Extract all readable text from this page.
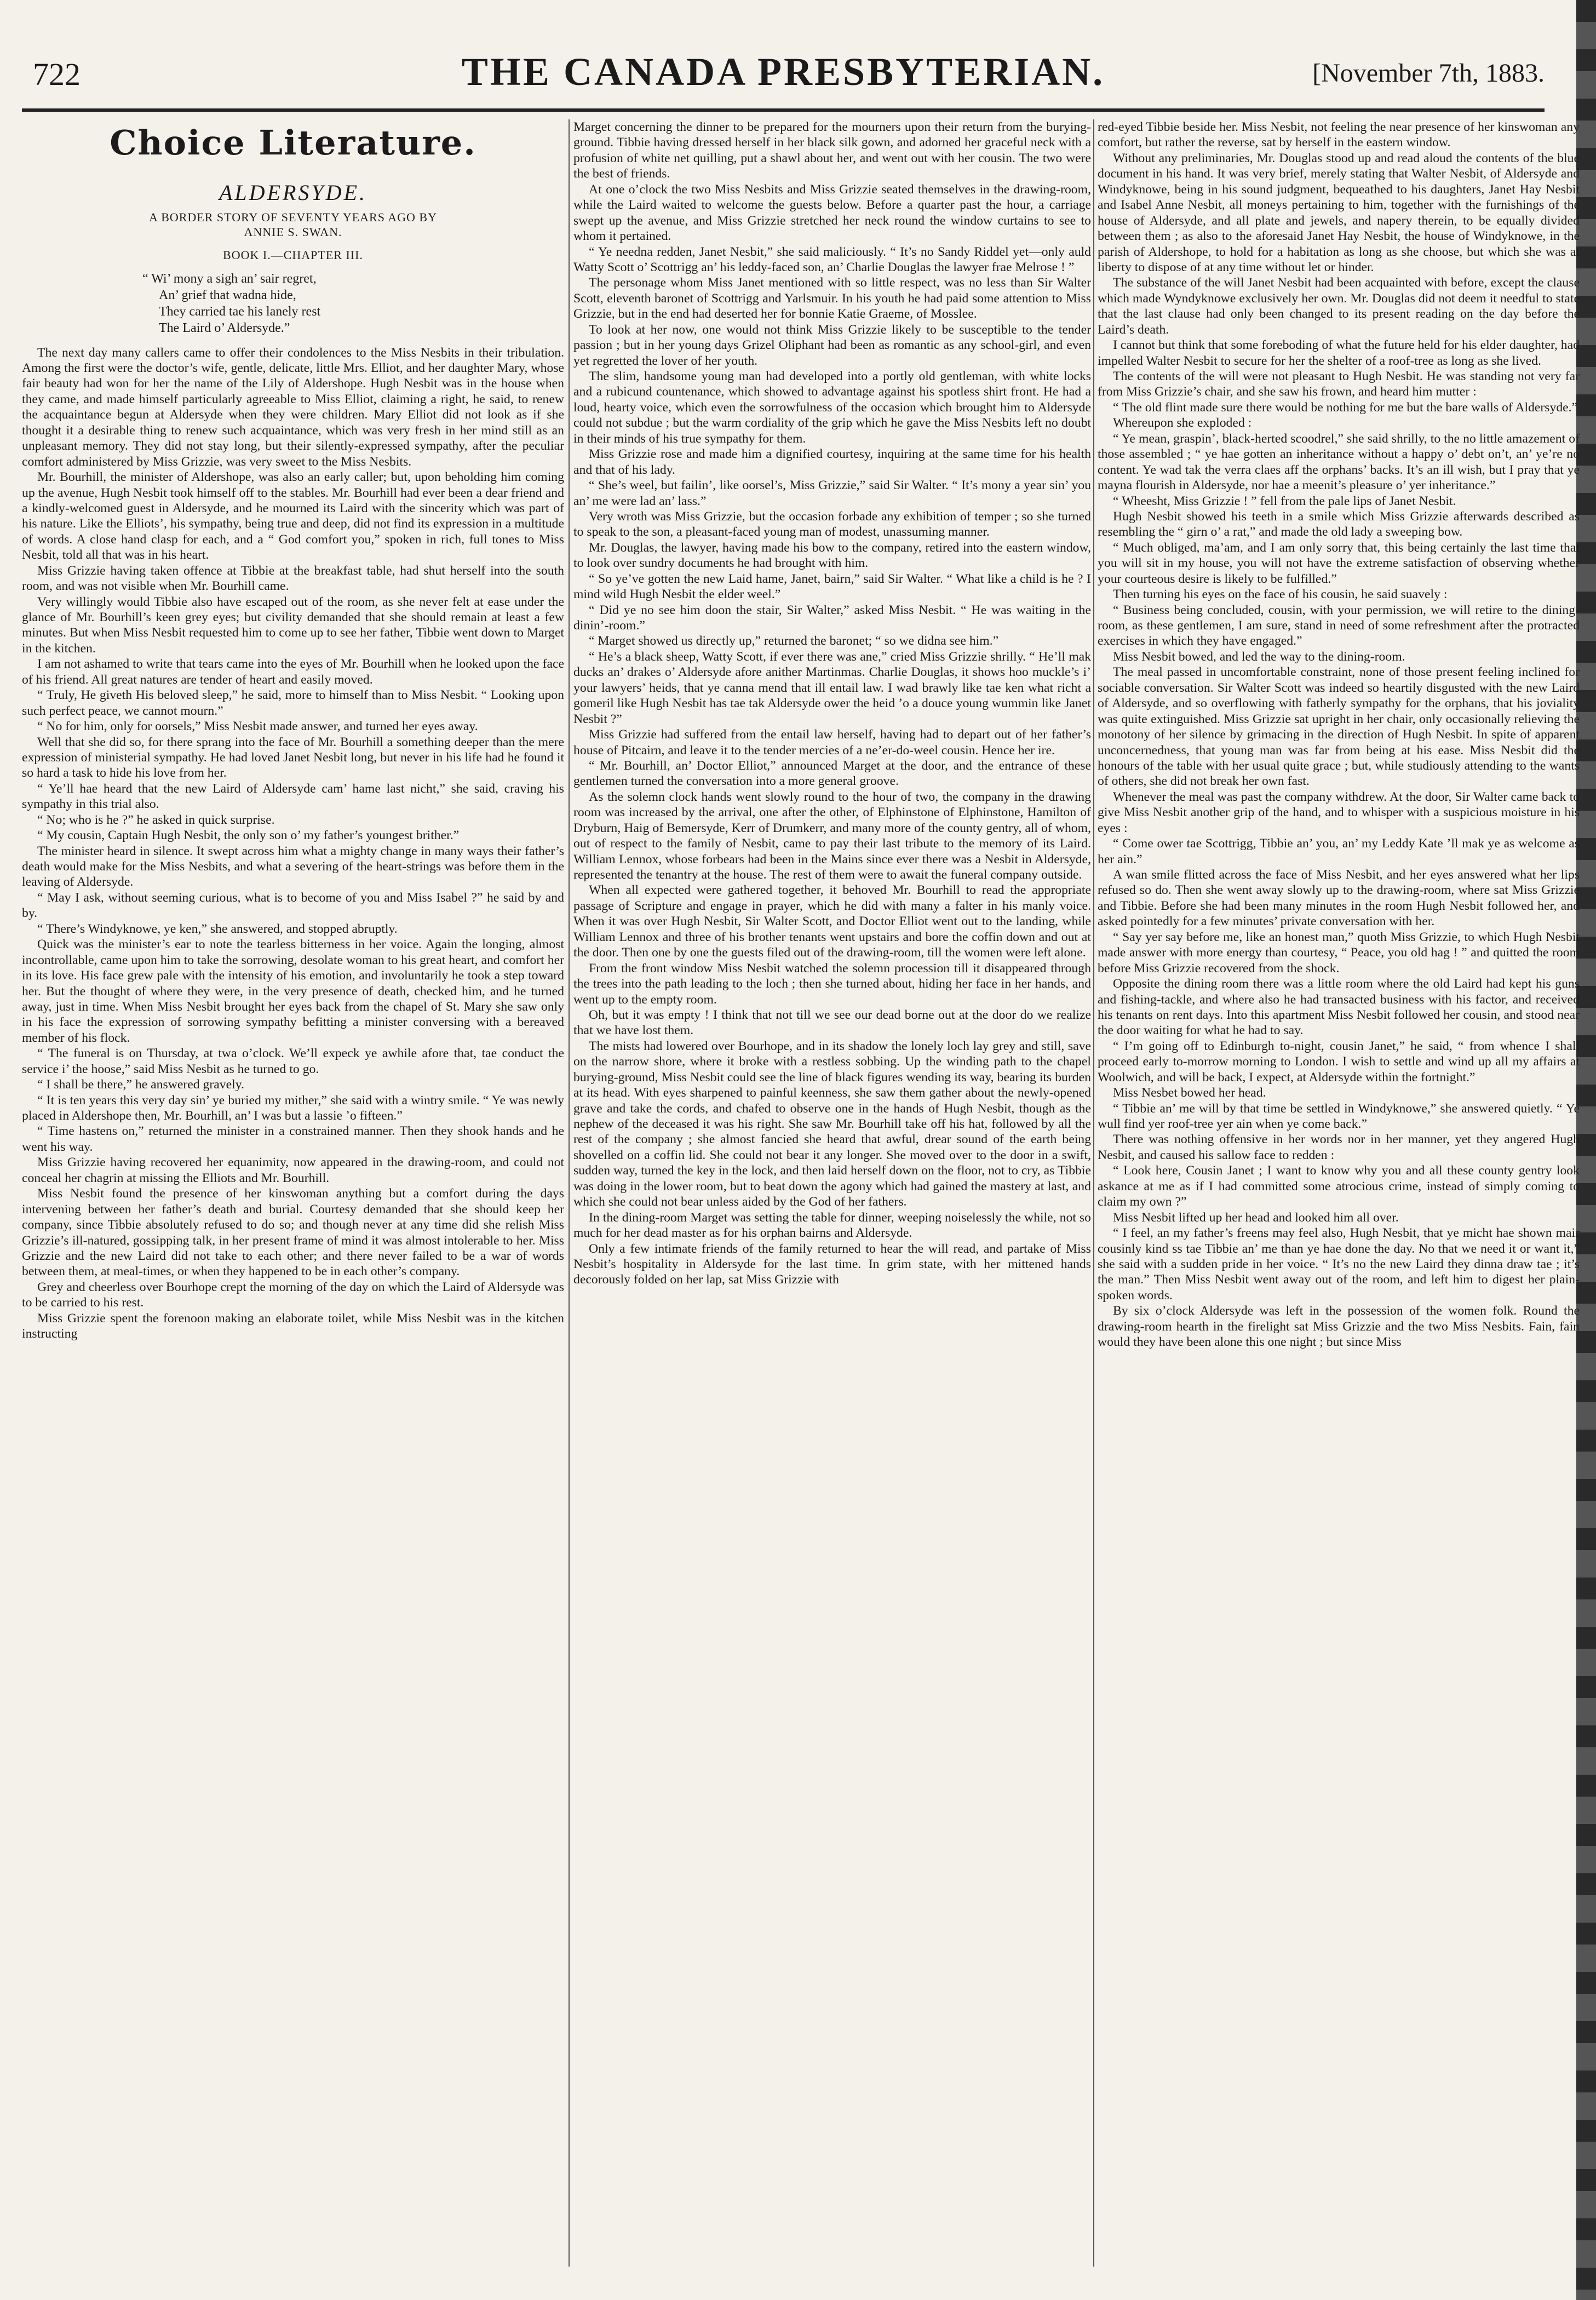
722	THE CANADA PRESBYTERIAN.	[November 7th, 1883.
Choice Literature.
ALDERSYDE.
A BORDER STORY OF SEVENTY YEARS AGO BY
ANNIE S. SWAN.
BOOK I.—CHAPTER III.
“ Wi’ mony a sigh an’ sair regret,
An’ grief that wadna hide,
They carried tae his lanely rest
The Laird o’ Aldersyde.”

The next day many callers came to offer their condolences to the Miss Nesbits in their tribulation. Among the first were the doctor’s wife, gentle, delicate, little Mrs. Elliot, and her daughter Mary, whose fair beauty had won for her the name of the Lily of Aldershope. Hugh Nesbit was in the house when they came, and made himself particularly agreeable to Miss Elliot, claiming a right, he said, to renew the acquaintance begun at Aldersyde when they were children. Mary Elliot did not look as if she thought it a desirable thing to renew such acquaintance, which was very fresh in her mind still as an unpleasant memory. They did not stay long, but their silently-expressed sympathy, after the peculiar comfort administered by Miss Grizzie, was very sweet to the Miss Nesbits.

Mr. Bourhill, the minister of Aldershope, was also an early caller; but, upon beholding him coming up the avenue, Hugh Nesbit took himself off to the stables. Mr. Bourhill had ever been a dear friend and a kindly-welcomed guest in Aldersyde, and he mourned its Laird with the sincerity which was part of his nature. Like the Elliots’, his sympathy, being true and deep, did not find its expression in a multitude of words. A close hand clasp for each, and a “ God comfort you,” spoken in rich, full tones to Miss Nesbit, told all that was in his heart.

Miss Grizzie having taken offence at Tibbie at the breakfast table, had shut herself into the south room, and was not visible when Mr. Bourhill came.

Very willingly would Tibbie also have escaped out of the room, as she never felt at ease under the glance of Mr. Bourhill’s keen grey eyes; but civility demanded that she should remain at least a few minutes. But when Miss Nesbit requested him to come up to see her father, Tibbie went down to Marget in the kitchen.

I am not ashamed to write that tears came into the eyes of Mr. Bourhill when he looked upon the face of his friend. All great natures are tender of heart and easily moved.

“ Truly, He giveth His beloved sleep,” he said, more to himself than to Miss Nesbit. “ Looking upon such perfect peace, we cannot mourn.”

“ No for him, only for oorsels,” Miss Nesbit made answer, and turned her eyes away.

Well that she did so, for there sprang into the face of Mr. Bourhill a something deeper than the mere expression of ministerial sympathy. He had loved Janet Nesbit long, but never in his life had he found it so hard a task to hide his love from her.

“ Ye’ll hae heard that the new Laird of Aldersyde cam’ hame last nicht,” she said, craving his sympathy in this trial also.

“ No; who is he ?” he asked in quick surprise.

“ My cousin, Captain Hugh Nesbit, the only son o’ my father’s youngest brither.”

The minister heard in silence. It swept across him what a mighty change in many ways their father’s death would make for the Miss Nesbits, and what a severing of the heart-strings was before them in the leaving of Aldersyde.

“ May I ask, without seeming curious, what is to become of you and Miss Isabel ?” he said by and by.

“ There’s Windyknowe, ye ken,” she answered, and stopped abruptly.

Quick was the minister’s ear to note the tearless bitterness in her voice. Again the longing, almost incontrollable, came upon him to take the sorrowing, desolate woman to his great heart, and comfort her in its love. His face grew pale with the intensity of his emotion, and involuntarily he took a step toward her. But the thought of where they were, in the very presence of death, checked him, and he turned away, just in time. When Miss Nesbit brought her eyes back from the chapel of St. Mary she saw only in his face the expression of sorrowing sympathy befitting a minister conversing with a bereaved member of his flock.

“ The funeral is on Thursday, at twa o’clock. We’ll expeck ye awhile afore that, tae conduct the service i’ the hoose,” said Miss Nesbit as he turned to go.

“ I shall be there,” he answered gravely.

“ It is ten years this very day sin’ ye buried my mither,” she said with a wintry smile. “ Ye was newly placed in Aldershope then, Mr. Bourhill, an’ I was but a lassie ’o fifteen.”

“ Time hastens on,” returned the minister in a constrained manner. Then they shook hands and he went his way.

Miss Grizzie having recovered her equanimity, now appeared in the drawing-room, and could not conceal her chagrin at missing the Elliots and Mr. Bourhill.

Miss Nesbit found the presence of her kinswoman anything but a comfort during the days intervening between her father’s death and burial. Courtesy demanded that she should keep her company, since Tibbie absolutely refused to do so; and though never at any time did she relish Miss Grizzie’s ill-natured, gossipping talk, in her present frame of mind it was almost intolerable to her. Miss Grizzie and the new Laird did not take to each other; and there never failed to be a war of words between them, at meal-times, or when they happened to be in each other’s company.

Grey and cheerless over Bourhope crept the morning of the day on which the Laird of Aldersyde was to be carried to his rest.

Miss Grizzie spent the forenoon making an elaborate toilet, while Miss Nesbit was in the kitchen instructing

Marget concerning the dinner to be prepared for the mourners upon their return from the burying-ground. Tibbie having dressed herself in her black silk gown, and adorned her graceful neck with a profusion of white net quilling, put a shawl about her, and went out with her cousin. The two were the best of friends.

At one o’clock the two Miss Nesbits and Miss Grizzie seated themselves in the drawing-room, while the Laird waited to welcome the guests below. Before a quarter past the hour, a carriage swept up the avenue, and Miss Grizzie stretched her neck round the window curtains to see to whom it pertained.

“ Ye needna redden, Janet Nesbit,” she said maliciously. “ It’s no Sandy Riddel yet—only auld Watty Scott o’ Scottrigg an’ his leddy-faced son, an’ Charlie Douglas the lawyer frae Melrose ! ”

The personage whom Miss Janet mentioned with so little respect, was no less than Sir Walter Scott, eleventh baronet of Scottrigg and Yarlsmuir. In his youth he had paid some attention to Miss Grizzie, but in the end had deserted her for bonnie Katie Graeme, of Mosslee.

To look at her now, one would not think Miss Grizzie likely to be susceptible to the tender passion ; but in her young days Grizel Oliphant had been as romantic as any school-girl, and even yet regretted the lover of her youth.

The slim, handsome young man had developed into a portly old gentleman, with white locks and a rubicund countenance, which showed to advantage against his spotless shirt front. He had a loud, hearty voice, which even the sorrowfulness of the occasion which brought him to Aldersyde could not subdue ; but the warm cordiality of the grip which he gave the Miss Nesbits left no doubt in their minds of his true sympathy for them.

Miss Grizzie rose and made him a dignified courtesy, inquiring at the same time for his health and that of his lady.

“ She’s weel, but failin’, like oorsel’s, Miss Grizzie,” said Sir Walter. “ It’s mony a year sin’ you an’ me were lad an’ lass.”

Very wroth was Miss Grizzie, but the occasion forbade any exhibition of temper ; so she turned to speak to the son, a pleasant-faced young man of modest, unassuming manner.

Mr. Douglas, the lawyer, having made his bow to the company, retired into the eastern window, to look over sundry documents he had brought with him.

“ So ye’ve gotten the new Laid hame, Janet, bairn,” said Sir Walter. “ What like a child is he ? I mind wild Hugh Nesbit the elder weel.”

“ Did ye no see him doon the stair, Sir Walter,” asked Miss Nesbit. “ He was waiting in the dinin’-room.”

“ Marget showed us directly up,” returned the baronet; “ so we didna see him.”

“ He’s a black sheep, Watty Scott, if ever there was ane,” cried Miss Grizzie shrilly. “ He’ll mak ducks an’ drakes o’ Aldersyde afore anither Martinmas. Charlie Douglas, it shows hoo muckle’s i’ your lawyers’ heids, that ye canna mend that ill entail law. I wad brawly like tae ken what richt a gomeril like Hugh Nesbit has tae tak Aldersyde ower the heid ’o a douce young wummin like Janet Nesbit ?”

Miss Grizzie had suffered from the entail law herself, having had to depart out of her father’s house of Pitcairn, and leave it to the tender mercies of a ne’er-do-weel cousin. Hence her ire.

“ Mr. Bourhill, an’ Doctor Elliot,” announced Marget at the door, and the entrance of these gentlemen turned the conversation into a more general groove.

As the solemn clock hands went slowly round to the hour of two, the company in the drawing room was increased by the arrival, one after the other, of Elphinstone of Elphinstone, Hamilton of Dryburn, Haig of Bemersyde, Kerr of Drumkerr, and many more of the county gentry, all of whom, out of respect to the family of Nesbit, came to pay their last tribute to the memory of its Laird. William Lennox, whose forbears had been in the Mains since ever there was a Nesbit in Aldersyde, represented the tenantry at the house. The rest of them were to await the funeral company outside.

When all expected were gathered together, it behoved Mr. Bourhill to read the appropriate passage of Scripture and engage in prayer, which he did with many a falter in his manly voice. When it was over Hugh Nesbit, Sir Walter Scott, and Doctor Elliot went out to the landing, while William Lennox and three of his brother tenants went upstairs and bore the coffin down and out at the door. Then one by one the guests filed out of the drawing-room, till the women were left alone.

From the front window Miss Nesbit watched the solemn procession till it disappeared through the trees into the path leading to the loch ; then she turned about, hiding her face in her hands, and went up to the empty room.

Oh, but it was empty ! I think that not till we see our dead borne out at the door do we realize that we have lost them.

The mists had lowered over Bourhope, and in its shadow the lonely loch lay grey and still, save on the narrow shore, where it broke with a restless sobbing. Up the winding path to the chapel burying-ground, Miss Nesbit could see the line of black figures wending its way, bearing its burden at its head. With eyes sharpened to painful keenness, she saw them gather about the newly-opened grave and take the cords, and chafed to observe one in the hands of Hugh Nesbit, though as the nephew of the deceased it was his right. She saw Mr. Bourhill take off his hat, followed by all the rest of the company ; she almost fancied she heard that awful, drear sound of the earth being shovelled on a coffin lid. She could not bear it any longer. She moved over to the door in a swift, sudden way, turned the key in the lock, and then laid herself down on the floor, not to cry, as Tibbie was doing in the lower room, but to beat down the agony which had gained the mastery at last, and which she could not bear unless aided by the God of her fathers.

In the dining-room Marget was setting the table for dinner, weeping noiselessly the while, not so much for her dead master as for his orphan bairns and Aldersyde.

Only a few intimate friends of the family returned to hear the will read, and partake of Miss Nesbit’s hospitality in Aldersyde for the last time. In grim state, with her mittened hands decorously folded on her lap, sat Miss Grizzie with

red-eyed Tibbie beside her. Miss Nesbit, not feeling the near presence of her kinswoman any comfort, but rather the reverse, sat by herself in the eastern window.

Without any preliminaries, Mr. Douglas stood up and read aloud the contents of the blue document in his hand. It was very brief, merely stating that Walter Nesbit, of Aldersyde and Windyknowe, being in his sound judgment, bequeathed to his daughters, Janet Hay Nesbit and Isabel Anne Nesbit, all moneys pertaining to him, together with the furnishings of the house of Aldersyde, and all plate and jewels, and napery therein, to be equally divided between them ; as also to the aforesaid Janet Hay Nesbit, the house of Windyknowe, in the parish of Aldershope, to hold for a habitation as long as she choose, but which she was at liberty to dispose of at any time without let or hinder.

The substance of the will Janet Nesbit had been acquainted with before, except the clause which made Wyndyknowe exclusively her own. Mr. Douglas did not deem it needful to state that the last clause had only been changed to its present reading on the day before the Laird’s death.

I cannot but think that some foreboding of what the future held for his elder daughter, had impelled Walter Nesbit to secure for her the shelter of a roof-tree as long as she lived.

The contents of the will were not pleasant to Hugh Nesbit. He was standing not very far from Miss Grizzie’s chair, and she saw his frown, and heard him mutter :

“ The old flint made sure there would be nothing for me but the bare walls of Aldersyde.”

Whereupon she exploded :

“ Ye mean, graspin’, black-herted scoodrel,” she said shrilly, to the no little amazement of those assembled ; “ ye hae gotten an inheritance without a happy o’ debt on’t, an’ ye’re no content. Ye wad tak the verra claes aff the orphans’ backs. It’s an ill wish, but I pray that ye mayna flourish in Aldersyde, nor hae a meenit’s pleasure o’ yer inheritance.”

“ Wheesht, Miss Grizzie ! ” fell from the pale lips of Janet Nesbit.

Hugh Nesbit showed his teeth in a smile which Miss Grizzie afterwards described as resembling the “ girn o’ a rat,” and made the old lady a sweeping bow.

“ Much obliged, ma’am, and I am only sorry that, this being certainly the last time that you will sit in my house, you will not have the extreme satisfaction of observing whether your courteous desire is likely to be fulfilled.”

Then turning his eyes on the face of his cousin, he said suavely :

“ Business being concluded, cousin, with your permission, we will retire to the dining-room, as these gentlemen, I am sure, stand in need of some refreshment after the protracted exercises in which they have engaged.”

Miss Nesbit bowed, and led the way to the dining-room.

The meal passed in uncomfortable constraint, none of those present feeling inclined for sociable conversation. Sir Walter Scott was indeed so heartily disgusted with the new Laird of Aldersyde, and so overflowing with fatherly sympathy for the orphans, that his joviality was quite extinguished. Miss Grizzie sat upright in her chair, only occasionally relieving the monotony of her silence by grimacing in the direction of Hugh Nesbit. In spite of apparent unconcernedness, that young man was far from being at his ease. Miss Nesbit did the honours of the table with her usual quite grace ; but, while studiously attending to the wants of others, she did not break her own fast.

Whenever the meal was past the company withdrew. At the door, Sir Walter came back to give Miss Nesbit another grip of the hand, and to whisper with a suspicious moisture in his eyes :

“ Come ower tae Scottrigg, Tibbie an’ you, an’ my Leddy Kate ’ll mak ye as welcome as her ain.”

A wan smile flitted across the face of Miss Nesbit, and her eyes answered what her lips refused so do. Then she went away slowly up to the drawing-room, where sat Miss Grizzie and Tibbie. Before she had been many minutes in the room Hugh Nesbit followed her, and asked pointedly for a few minutes’ private conversation with her.

“ Say yer say before me, like an honest man,” quoth Miss Grizzie, to which Hugh Nesbit made answer with more energy than courtesy, “ Peace, you old hag ! ” and quitted the room before Miss Grizzie recovered from the shock.

Opposite the dining room there was a little room where the old Laird had kept his guns and fishing-tackle, and where also he had transacted business with his factor, and received his tenants on rent days. Into this apartment Miss Nesbit followed her cousin, and stood near the door waiting for what he had to say.

“ I’m going off to Edinburgh to-night, cousin Janet,” he said, “ from whence I shall proceed early to-morrow morning to London. I wish to settle and wind up all my affairs at Woolwich, and will be back, I expect, at Aldersyde within the fortnight.”

Miss Nesbet bowed her head.

“ Tibbie an’ me will by that time be settled in Windyknowe,” she answered quietly. “ Ye wull find yer roof-tree yer ain when ye come back.”

There was nothing offensive in her words nor in her manner, yet they angered Hugh Nesbit, and caused his sallow face to redden :

“ Look here, Cousin Janet ; I want to know why you and all these county gentry look askance at me as if I had committed some atrocious crime, instead of simply coming to claim my own ?”

Miss Nesbit lifted up her head and looked him all over.

“ I feel, an my father’s freens may feel also, Hugh Nesbit, that ye micht hae shown mair cousinly kind ss tae Tibbie an’ me than ye hae done the day. No that we need it or want it,” she said with a sudden pride in her voice. “ It’s no the new Laird they dinna draw tae ; it’s the man.” Then Miss Nesbit went away out of the room, and left him to digest her plain-spoken words.

By six o’clock Aldersyde was left in the possession of the women folk. Round the drawing-room hearth in the firelight sat Miss Grizzie and the two Miss Nesbits. Fain, fain would they have been alone this one night ; but since Miss
